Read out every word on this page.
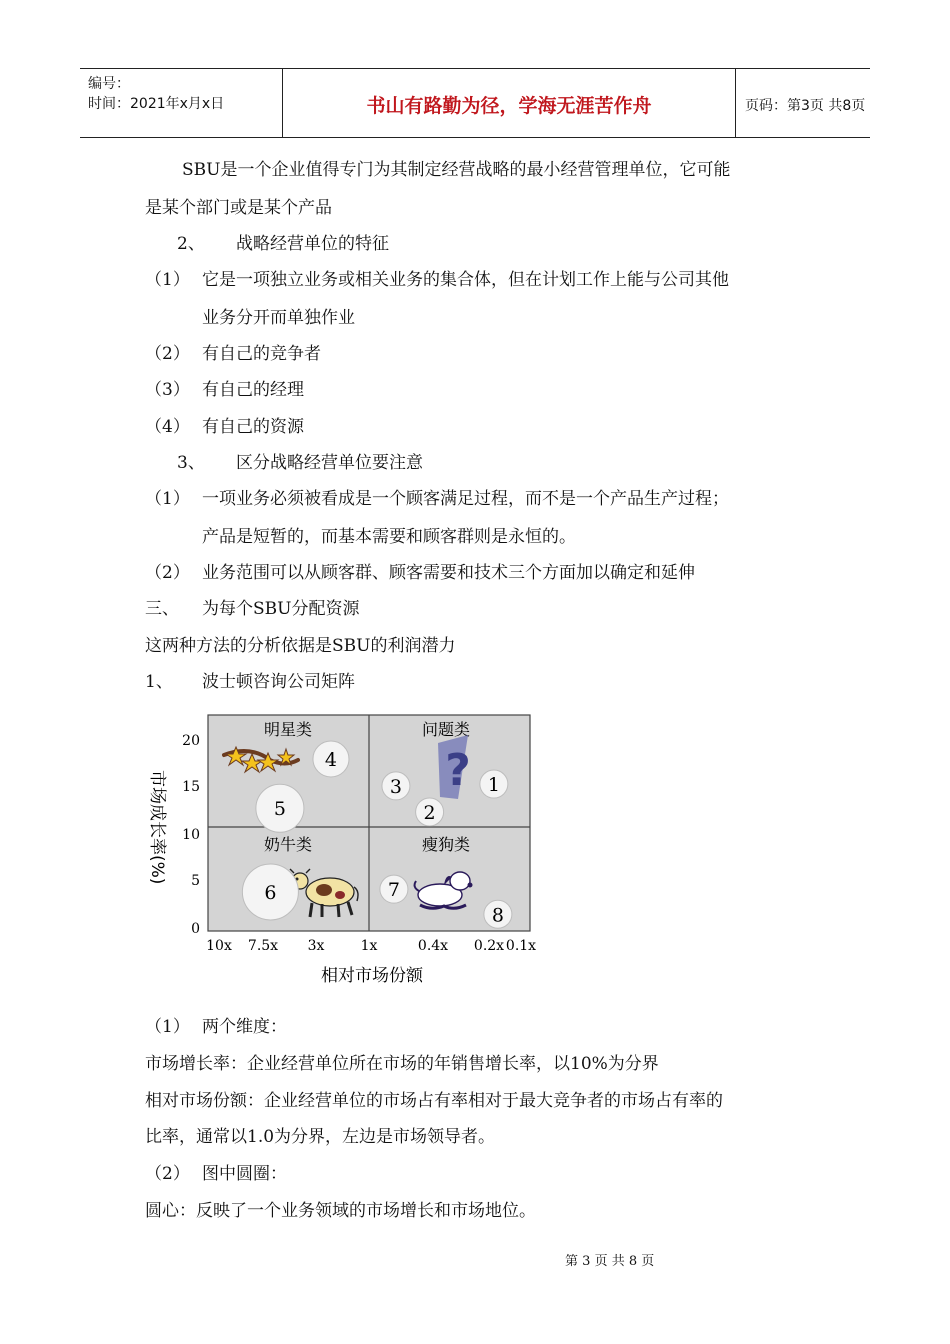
编号：
时间：2021年x月x日	书山有路勤为径，学海无涯苦作舟	页码：第3页 共8页
SBU是一个企业值得专门为其制定经营战略的最小经营管理单位，它可能
是某个部门或是某个产品
2、 战略经营单位的特征
（1） 它是一项独立业务或相关业务的集合体，但在计划工作上能与公司其他
业务分开而单独作业
（2） 有自己的竞争者
（3） 有自己的经理
（4） 有自己的资源
3、 区分战略经营单位要注意
（1） 一项业务必须被看成是一个顾客满足过程，而不是一个产品生产过程；
产品是短暂的，而基本需要和顾客群则是永恒的。
（2） 业务范围可以从顾客群、顾客需要和技术三个方面加以确定和延伸
三、 为每个SBU分配资源
这两种方法的分析依据是SBU的利润潜力
1、 波士顿咨询公司矩阵
明星类	问题类
奶牛类	瘦狗类
?
0
5
10
15
20
10x 7.5x 3x	1x	0.4x 0.2x 0.1x
1
2
3
4
5
6	7
8
相对市场份额
市场成长率(%)
（1） 两个维度：
市场增长率：企业经营单位所在市场的年销售增长率，以10%为分界
相对市场份额：企业经营单位的市场占有率相对于最大竞争者的市场占有率的
比率，通常以1.0为分界，左边是市场领导者。
（2） 图中圆圈：
圆心：反映了一个业务领域的市场增长和市场地位。
第 3 页 共 8 页
